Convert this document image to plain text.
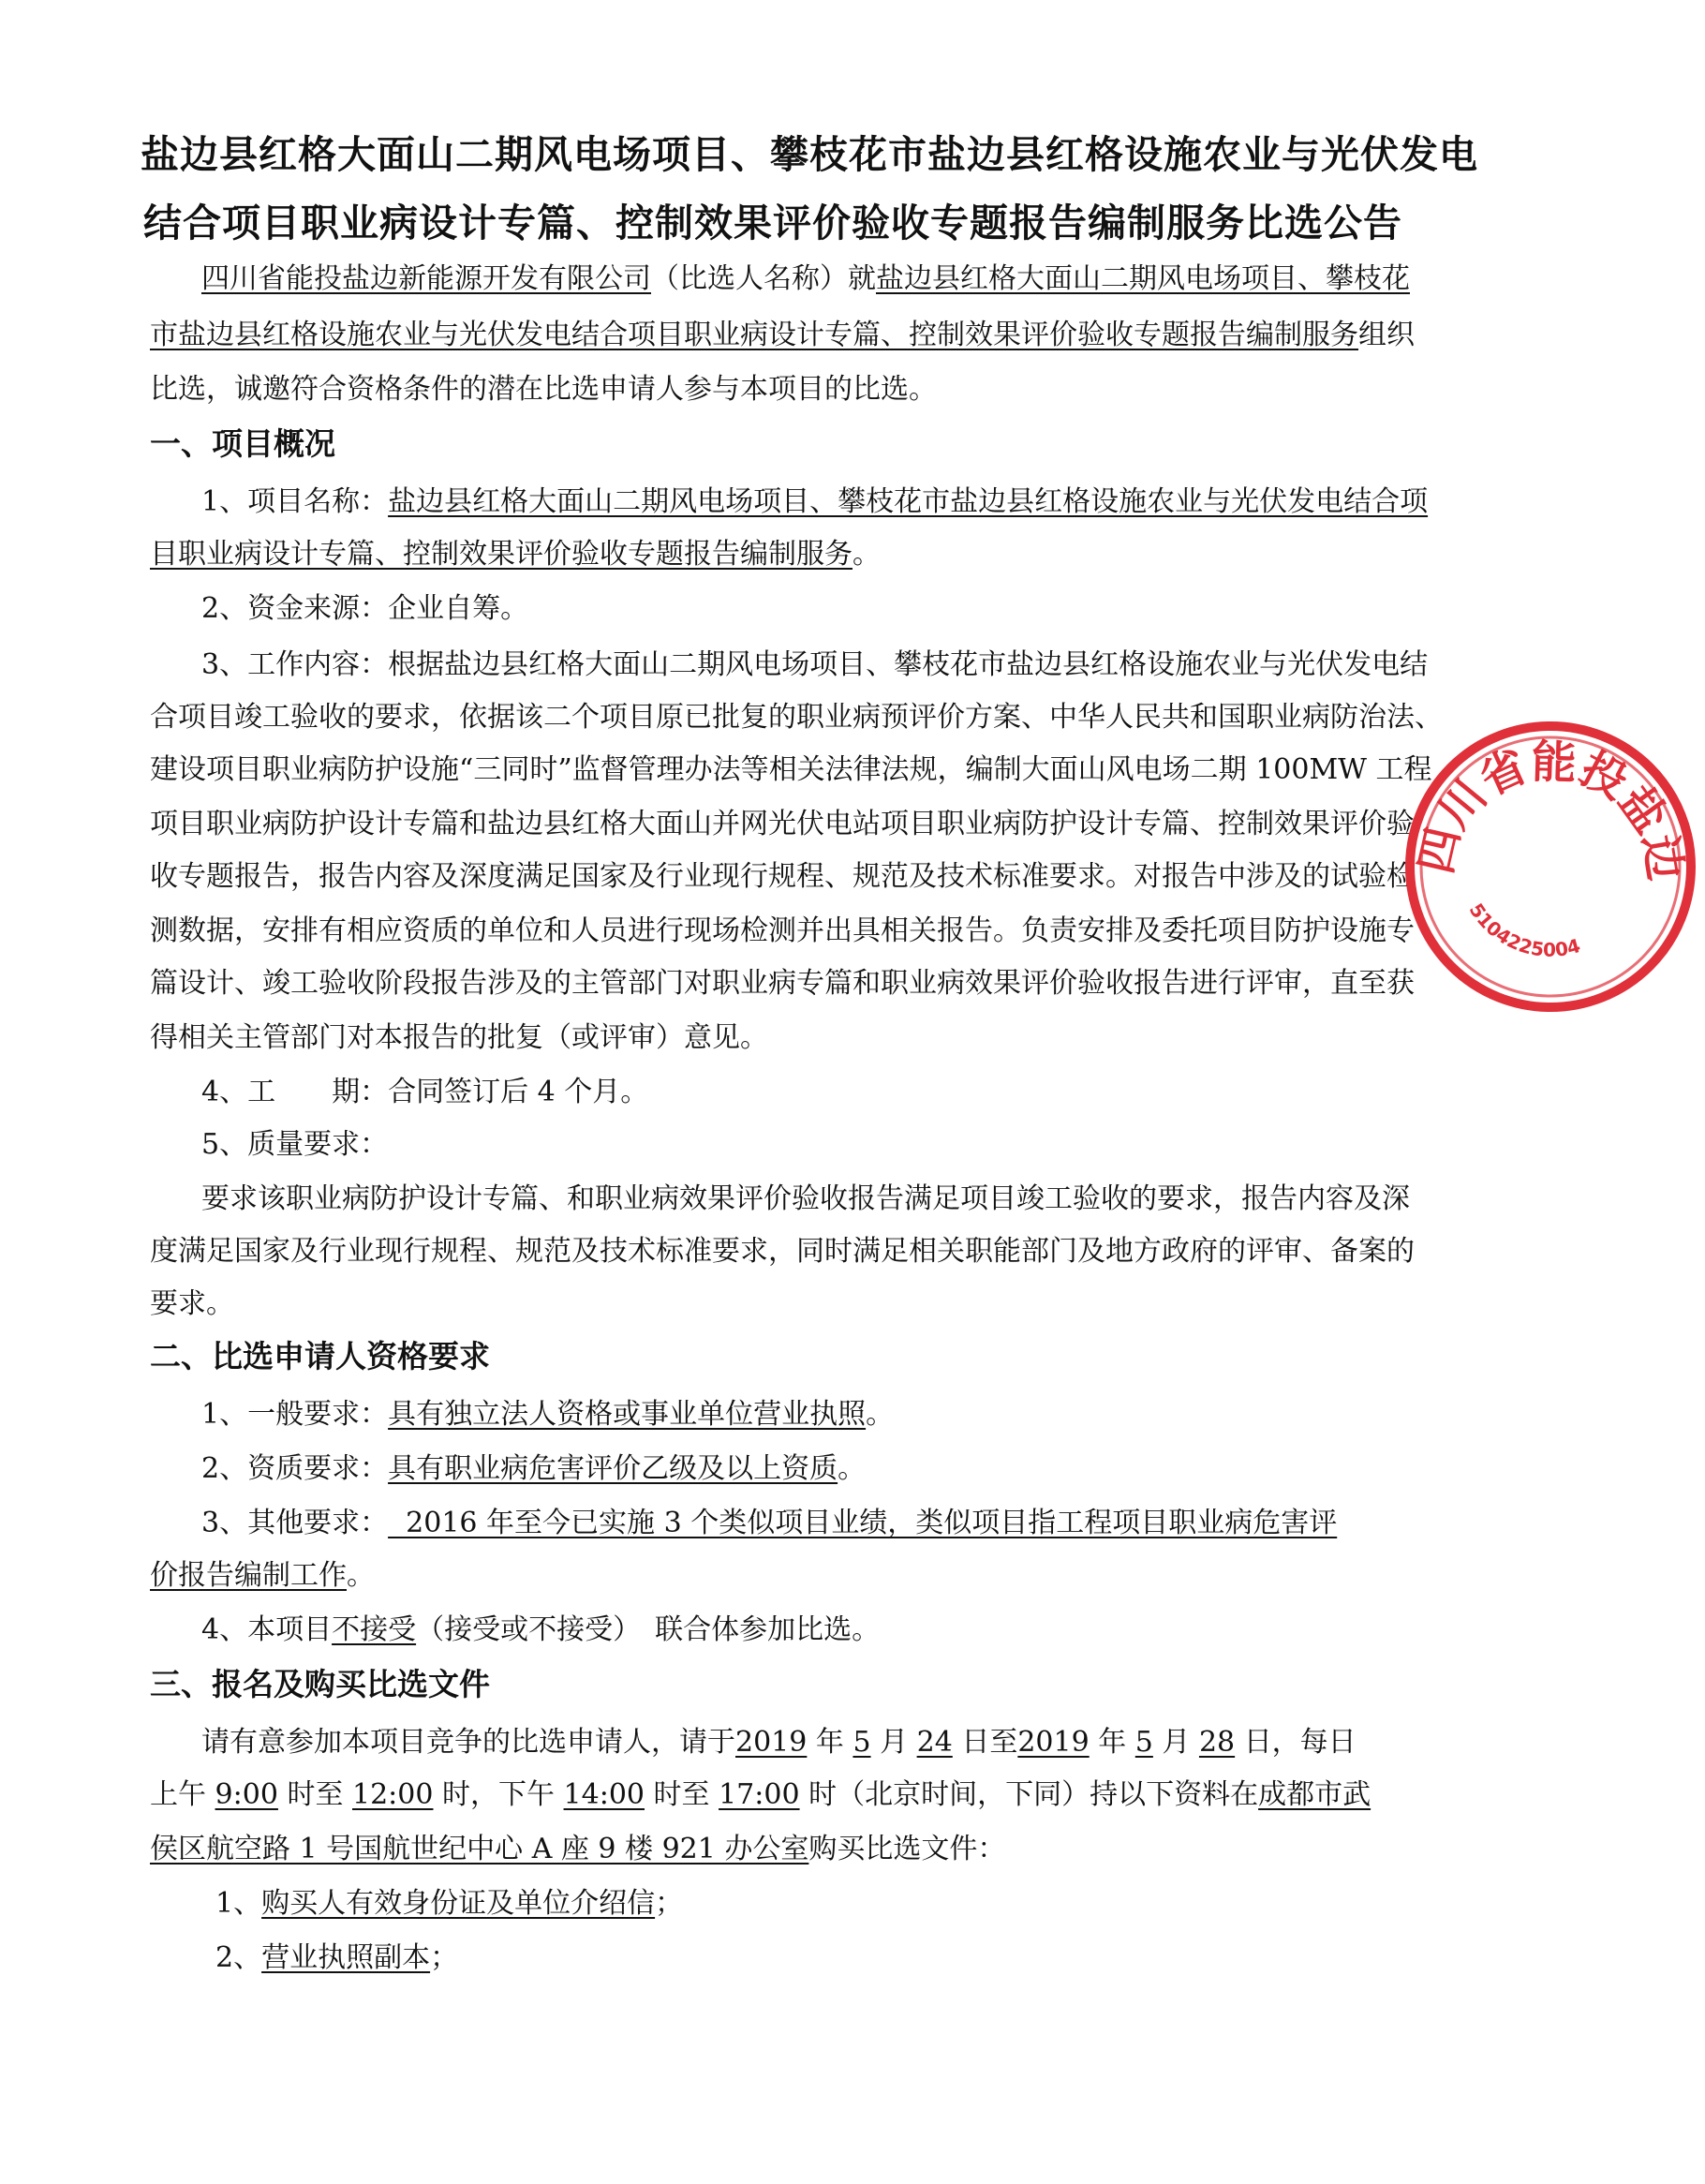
盐边县红格大面山二期风电场项目、攀枝花市盐边县红格设施农业与光伏发电
结合项目职业病设计专篇、控制效果评价验收专题报告编制服务比选公告
四川省能投盐边新能源开发有限公司（比选人名称）就盐边县红格大面山二期风电场项目、攀枝花
市盐边县红格设施农业与光伏发电结合项目职业病设计专篇、控制效果评价验收专题报告编制服务组织
比选，诚邀符合资格条件的潜在比选申请人参与本项目的比选。
一、项目概况
1、项目名称：盐边县红格大面山二期风电场项目、攀枝花市盐边县红格设施农业与光伏发电结合项
目职业病设计专篇、控制效果评价验收专题报告编制服务。
2、资金来源：企业自筹。
3、工作内容：根据盐边县红格大面山二期风电场项目、攀枝花市盐边县红格设施农业与光伏发电结
合项目竣工验收的要求，依据该二个项目原已批复的职业病预评价方案、中华人民共和国职业病防治法、
建设项目职业病防护设施“三同时”监督管理办法等相关法律法规，编制大面山风电场二期 100MW 工程
项目职业病防护设计专篇和盐边县红格大面山并网光伏电站项目职业病防护设计专篇、控制效果评价验
收专题报告，报告内容及深度满足国家及行业现行规程、规范及技术标准要求。对报告中涉及的试验检
测数据，安排有相应资质的单位和人员进行现场检测并出具相关报告。负责安排及委托项目防护设施专
篇设计、竣工验收阶段报告涉及的主管部门对职业病专篇和职业病效果评价验收报告进行评审，直至获
得相关主管部门对本报告的批复（或评审）意见。
4、工　　期：合同签订后 4 个月。
5、质量要求：
要求该职业病防护设计专篇、和职业病效果评价验收报告满足项目竣工验收的要求，报告内容及深
度满足国家及行业现行规程、规范及技术标准要求，同时满足相关职能部门及地方政府的评审、备案的
要求。
二、比选申请人资格要求
1、一般要求：具有独立法人资格或事业单位营业执照。
2、资质要求：具有职业病危害评价乙级及以上资质。
3、其他要求：  2016 年至今已实施 3 个类似项目业绩，类似项目指工程项目职业病危害评
价报告编制工作。
4、本项目不接受（接受或不接受）　联合体参加比选。
三、报名及购买比选文件
请有意参加本项目竞争的比选申请人，请于2019 年 5 月 24 日至2019 年 5 月 28 日，每日
上午 9:00 时至 12:00 时，下午 14:00 时至 17:00 时（北京时间，下同）持以下资料在成都市武
侯区航空路 1 号国航世纪中心 A 座 9 楼 921 办公室购买比选文件：
1、购买人有效身份证及单位介绍信；
2、营业执照副本；
四川省能投盐边
5104225004
